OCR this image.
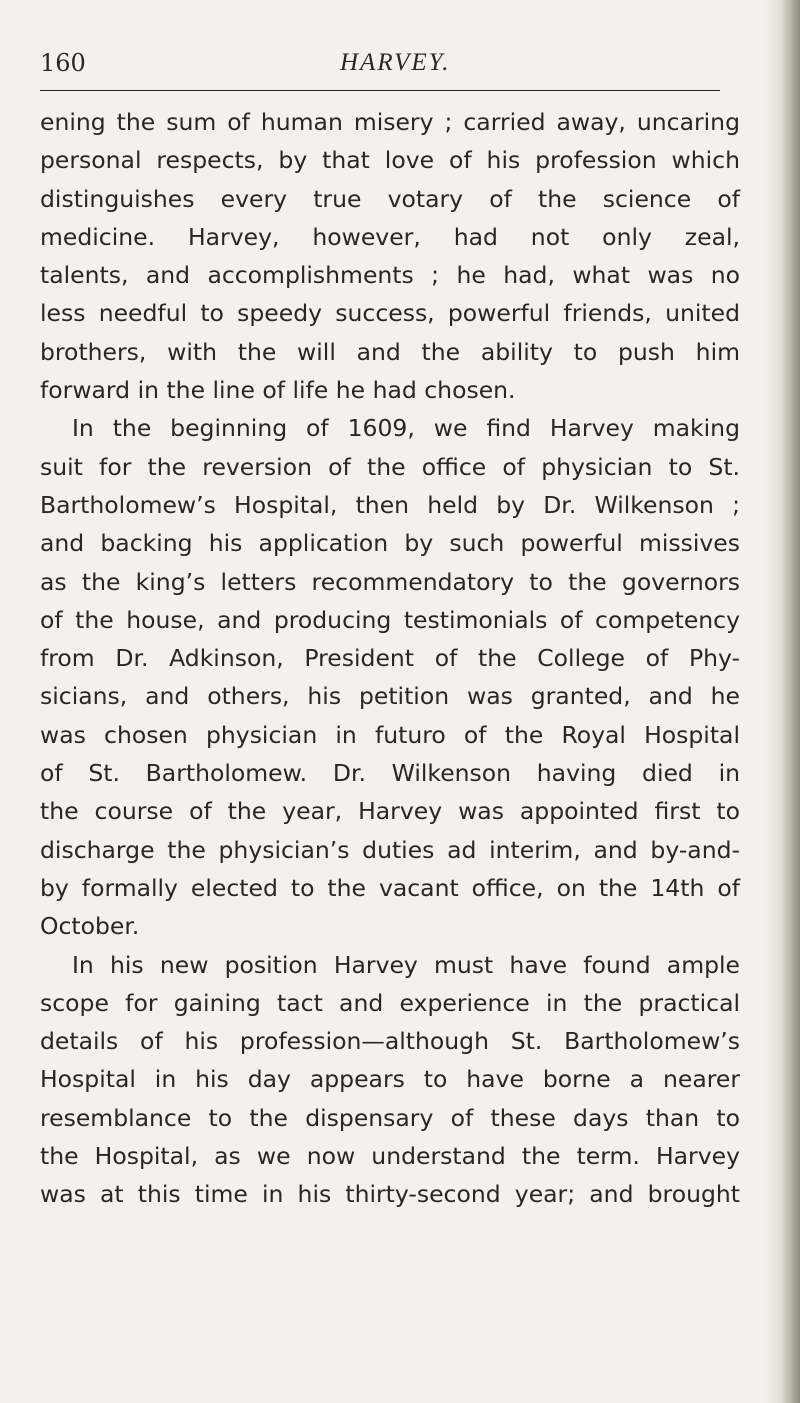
160	HARVEY.
ening the sum of human misery ; carried away, uncaring
personal respects, by that love of his profession which
distinguishes every true votary of the science of
medicine. Harvey, however, had not only zeal,
talents, and accomplishments ; he had, what was no
less needful to speedy success, powerful friends, united
brothers, with the will and the ability to push him
forward in the line of life he had chosen.
In the beginning of 1609, we find Harvey making
suit for the reversion of the office of physician to St.
Bartholomew’s Hospital, then held by Dr. Wilkenson ;
and backing his application by such powerful missives
as the king’s letters recommendatory to the governors
of the house, and producing testimonials of competency
from Dr. Adkinson, President of the College of Phy-
sicians, and others, his petition was granted, and he
was chosen physician in futuro of the Royal Hospital
of St. Bartholomew. Dr. Wilkenson having died in
the course of the year, Harvey was appointed first to
discharge the physician’s duties ad interim, and by-and-
by formally elected to the vacant office, on the 14th of
October.
In his new position Harvey must have found ample
scope for gaining tact and experience in the practical
details of his profession—although St. Bartholomew’s
Hospital in his day appears to have borne a nearer
resemblance to the dispensary of these days than to
the Hospital, as we now understand the term. Harvey
was at this time in his thirty-second year; and brought
